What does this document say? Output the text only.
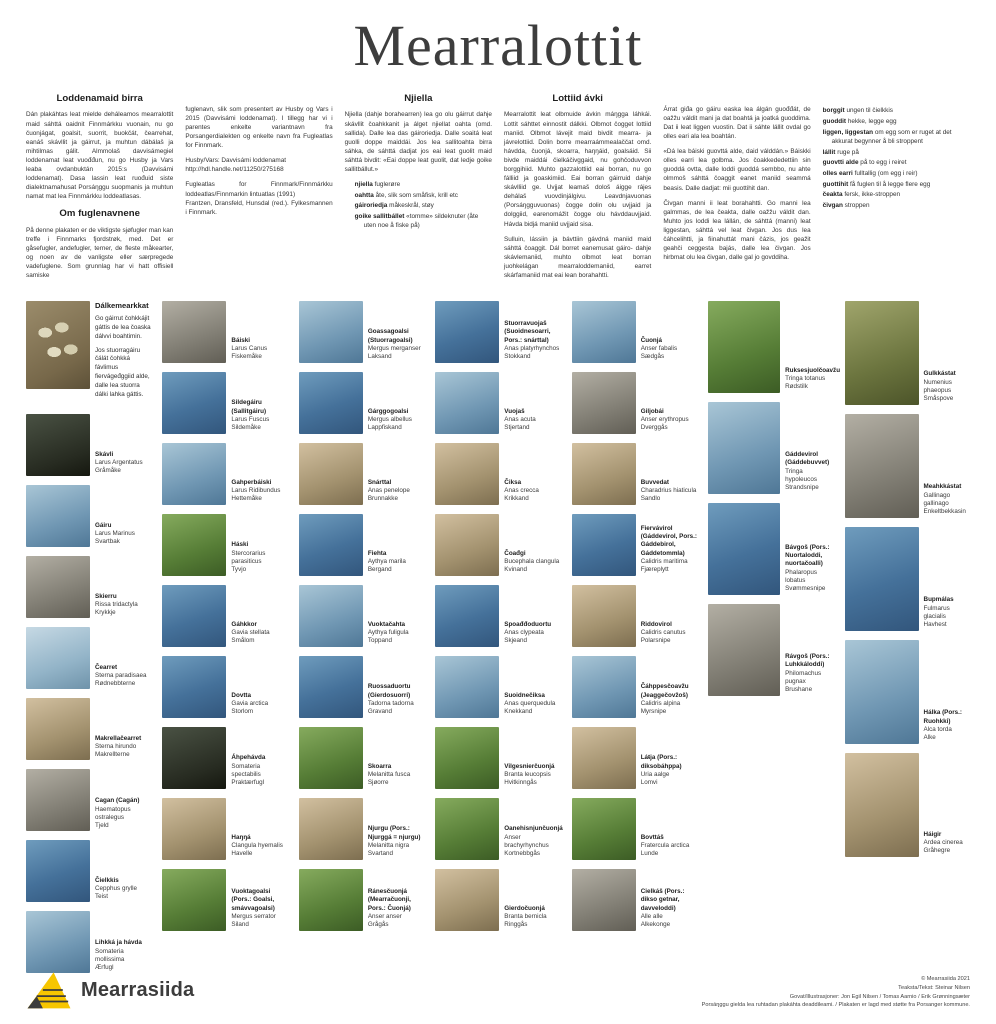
Mearralottit
Loddenamaid birra

Dán plakáhtas leat mielde deháleamos mearralottit maid sáhttá oaidnit Finnmárkku vuonain, nu go čuonjágat, goalsit, suorrit, buokčát, čearrehat, eanáš skávllit ja gáirrut, ja muhtun dábálaš ja mihtilmas gálit. Almmolaš davvisámegiel loddenamat leat vuođđun, nu go Husby ja Vars leaba ovdanbuktán 2015:s (Davvisámi loddenamat). Dasa lassin leat ruođuid siste dialektnamahusat Porsáŋggu suopmanis ja muhtun namat mat lea Finnmárkku loddeatlasas.

Om fuglenavnene

På denne plakaten er de viktigste sjøfugler man kan treffe i Finnmarks fjordstrøk, med. Det er gåsefugler, andefugler, terner, de fleste måkearter, og noen av de vanligste eller særpregede vadefuglene. Som grunnlag har vi hatt offisiell samiske

fuglenavn, slik som presentert av Husby og Vars i 2015 (Davvisámi loddenamat). I tillegg har vi i parentes enkelte variantnavn fra Porsangerdialekten og enkelte navn fra Fugleatlas for Finnmark.

Husby/Vars: Davvisámi loddenamat
http://hdl.handle.net/11250/275168

Fugleatlas for Finnmark/Finnmárkku loddeatlas/Finnmarkin lintuatlas (1991)
Frantzen, Dransfeld, Hunsdal (red.). Fylkesmannen i Finnmark.

Njiella

Njiella (dahje borahearren) lea go olu gáirrut dahje skávllit čoahkkanit ja álget njiellat oahta (omd. sallida). Dalle lea das gáiroriedja. Dalle soaitá leat guolli doppe maiddái. Jos lea sallitoahta birra sáhka, de sáhttá dadjat jos eai leat guolit maid sáhttá bivdit: «Eai doppe leat guolit, dat ledje goike sallitbállut.»

njiella fuglerøre
oahtta åte, slik som småfisk, krill etc
gáiroriedja måkeskrål, støy
goike sallitbállet «tomme» sildeknuter (åte uten noe å fiske på)
Lottiid ávki

Mearralottit leat olbmuide ávkin máŋgga láhkái. Lottit sáhttet einnostit dálkki. Olbmot čogget lottiid maniid. Olbmot lávejit maid bivdit mearra- ja jávrelottiid. Dolin borre mearraámmealaččat omd. hávdda, čuonjá, skoarra, haŋŋáid, goalsáid. Sii bivde maiddái čielkáčivggaid, nu gohčoduvvon borggihiid. Muhto gazzalottiid eai borran, nu go fálliid ja goaskimiid. Eai borran gáirruid dahje skávlliid ge. Uvjjat leamaš dološ áigge rájes dehálaš vuovdinjálgivu. Leavdnjavuonas (Porsáŋgguvuonas) čogge dolin olu uvjjaid ja dolggiid, earenomážit čogge olu hávddauvjjaid. Hávda bidjá maniid uvjjaid sisa.

Sulluin, lássiin ja bávttiin gávdná maniid maid sáhttá čoaggit. Dál borret eanemusat gáiro- dahje skávlemaniid, muhto olbmot leat borran juohkelágan mearraloddemaniid, earret skárfamaniid mat eai lean borahahtti.

Árrat giđa go gáiru easka lea álgán guođđát, de oažžu váldit mani ja dat boahtá ja joatká guoddima. Dat ii leat liggen vuostin. Dat ii sáhte lállit ovdal go olles eari ala lea boahtán.

«Dá lea báiski guovttá alde, daid válddán.» Báiskki olles earri lea golbma. Jos čoakkededettiin sin guoddá ovtta, dalle loddi guoddá sembbo, nu ahte olmmoš sáhttá čoaggit eanet maniid seammá beasis. Dalle dadjat: mii guottihit dan.

Čivgan manni ii leat borahahtti. Go manni lea galmmas, de lea čeakta, dalle oažžu váldit dan. Muhto jos loddi lea lállán, de sáhttá (manni) leat liggestan, sáhttá vel leat čivgan. Jos dus lea čáhcelihtti, ja fiinahuttát mani čázis, jos geažit geahči ceggesta bajás, dalle lea čivgan. Jos hirbmat olu lea čivgan, dalle gal jo govddiha.

borggit ungen til čielkkis
guoddit hekke, legge egg
liggen, liggestan om egg som er ruget at det akkurat begynner å bli stroppent
lállit ruge på
guovtti alde på to egg i reiret
olles earri fulltallig (om egg i reir)
guottihit få fuglen til å legge flere egg
čeakta fersk, ikke-stroppen
čivgan stroppen
Dálkemearkkat

Go gáirrut čohkkájit gáttis de lea čoaska dálvvi boahtimin.

Jos stuorragáiru čálát čohkká fávlimus fiervágeđggiid alde, dalle lea stuorra dálki lahka gáttis.

Skávli
Larus Argentatus
Gråmåke
Gáiru
Larus Marinus
Svartbak
Skierru
Rissa tridactyla
Krykkje
Čearret
Sterna paradisaea
Rødnebbterne
Makrellačearret
Sterna hirundo
Makrellterne
Cagan (Cagán)
Haematopus ostralegus
Tjeld
Čielkkis
Cepphus grylle
Teist
Lihkká ja hávda
Somateria mollissima
Ærfugl
Báiski
Larus Canus
Fiskemåke
Sildegáiru (Sallitgáiru)
Larus Fuscus
Sildemåke
Gahperbáiski
Larus Ridibundus
Hettemåke
Háski
Stercorarius parasiticus
Tyvjo
Gáhkkor
Gavia stellata
Smålom
Dovtta
Gavia arctica
Storlom
Áhpehávda
Somateria spectabilis
Praktærfugl
Haŋŋá
Clangula hyemalis
Havelle
Vuoktagoalsi (Pors.: Goalsi, smávvagoalsi)
Mergus serrator
Siland
Goassagoalsi (Stuorragoalsi)
Mergus merganser
Laksand
Gárggogoalsi
Mergus albellus
Lappfiskand
Snárttal
Anas penelope
Brunnakke
Fiehta
Aythya marila
Bergand
Vuoktačahta
Aythya fuligula
Toppand
Ruossaduortu (Gierdosuorri)
Tadorna tadorna
Gravand
Skoarra
Melanitta fusca
Sjøorre
Njurgu (Pors.: Njurggá = njurgu)
Melanitta nigra
Svartand
Ránesčuonjá (Mearračuonji, Pors.: Čuonjá)
Anser anser
Grågås
Stuorravuojaš (Suoidnesoarri, Pors.: snárttal)
Anas platyrhynchos
Stokkand
Vuojaš
Anas acuta
Stjertand
Čiksa
Anas crecca
Krikkand
Čoađgi
Bucephala clangula
Kvinand
Spoađđoduortu
Anas clypeata
Skjeand
Suoidnečiksa
Anas querquedula
Knekkand
Vilgesnierčuonjá
Branta leucopsis
Hvitkinngås
Oanehisnjunčuonjá
Anser brachyrhynchus
Kortnebbgås
Gierdočuonjá
Branta bernicla
Ringgås
Čuonjá
Anser fabalis
Sædgås
Giljobái
Anser erythropus
Dverggås
Buvvedat
Charadrius hiaticula
Sandlo
Fiervávirol (Gáddevirol, Pors.: Gáddebirol, Gáddetommla)
Calidris maritima
Fjæreplytt
Riddovirol
Calidris canutus
Polarsnipe
Čáhppesčoavžu (Jeaggečovžoš)
Calidris alpina
Myrsnipe
Láŧja (Pors.: diksobáhppa)
Uria aalge
Lomvi
Bovttáš
Fratercula arctica
Lunde
Cielkáš (Pors.: dikso getnar, davveloddi)
Alle alle
Alkekonge
Ruksesjuolčoavžu
Tringa totanus
Rødstilk
Gáddevirol (Gáddebuvvet)
Tringa hypoleucos
Strandsnipe
Bávgoš (Pors.: Nuortaloddi, nuortačoalli)
Phalaropus lobatus
Svømmesnipe
Rávgoš (Pors.: Luhkkáloddi)
Philomachus pugnax
Brushane
Gulkkástat
Numenius phaeopus
Småspove
Meahkkástat
Gallinago gallinago
Enkeltbekkasin
Bupmálas
Fulmarus glacialis
Havhest
Hálka (Pors.: Ruohkki)
Alca torda
Alke
Háigir
Ardea cinerea
Gråhegre
Mearrasiida	© Mearrasiida 2021
Teaksta/Tekst: Steinar Nilsen
Govat/Illustrasjoner: Jon Egil Nilsen / Tomas Aarnio / Erik Grønningsæter
Porsáŋggu gielda lea ruhtadan plakáhta deaddileami. / Plakaten er lagd med støtte fra Porsanger kommune.
